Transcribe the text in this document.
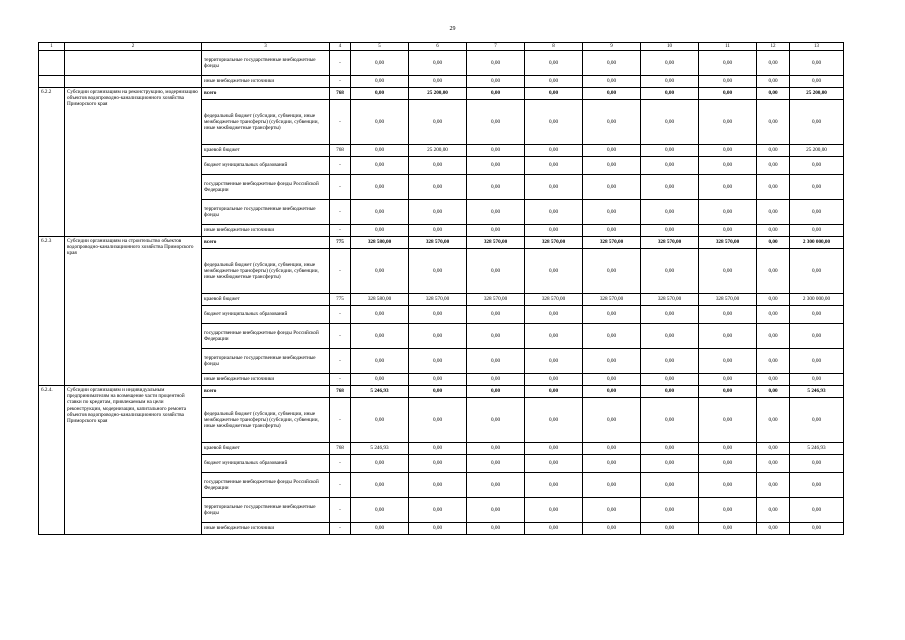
29
1	2	3	4	5	6	7	8	9	10	11	12	13
		территориальные государственные внебюджетные фонды	-	0,00	0,00	0,00	0,00	0,00	0,00	0,00	0,00	0,00
		иные внебюджетные источники	-	0,00	0,00	0,00	0,00	0,00	0,00	0,00	0,00	0,00
6.2.2	Субсидии организациям на реконструкцию, модернизацию объектов водопроводно-канализационного хозяйства Приморского края	всего	768	0,00	25 200,00	0,00	0,00	0,00	0,00	0,00	0,00	25 200,00
		федеральный бюджет (субсидии, субвенции, иные межбюджетные трансферты) (субсидии, субвенции, иные межбюджетные трансферты)	-	0,00	0,00	0,00	0,00	0,00	0,00	0,00	0,00	0,00
		краевой бюджет	768	0,00	25 200,00	0,00	0,00	0,00	0,00	0,00	0,00	25 200,00
		бюджет муниципальных образований	-	0,00	0,00	0,00	0,00	0,00	0,00	0,00	0,00	0,00
		государственные внебюджетные фонды Российской Федерации	-	0,00	0,00	0,00	0,00	0,00	0,00	0,00	0,00	0,00
		территориальные государственные внебюджетные фонды	-	0,00	0,00	0,00	0,00	0,00	0,00	0,00	0,00	0,00
		иные внебюджетные источники	-	0,00	0,00	0,00	0,00	0,00	0,00	0,00	0,00	0,00
6.2.3	Субсидии организациям на строительство объектов водопроводно-канализационного хозяйства Приморского края	всего	775	328 580,00	328 570,00	328 570,00	328 570,00	328 570,00	328 570,00	328 570,00	0,00	2 300 000,00
		федеральный бюджет (субсидии, субвенции, иные межбюджетные трансферты) (субсидии, субвенции, иные межбюджетные трансферты)	-	0,00	0,00	0,00	0,00	0,00	0,00	0,00	0,00	0,00
		краевой бюджет	775	328 580,00	328 570,00	328 570,00	328 570,00	328 570,00	328 570,00	328 570,00	0,00	2 300 000,00
		бюджет муниципальных образований	-	0,00	0,00	0,00	0,00	0,00	0,00	0,00	0,00	0,00
		государственные внебюджетные фонды Российской Федерации	-	0,00	0,00	0,00	0,00	0,00	0,00	0,00	0,00	0,00
		территориальные государственные внебюджетные фонды	-	0,00	0,00	0,00	0,00	0,00	0,00	0,00	0,00	0,00
		иные внебюджетные источники	-	0,00	0,00	0,00	0,00	0,00	0,00	0,00	0,00	0,00
6.2.4.	Субсидии организациям и индивидуальным предпринимателям на возмещение части процентной ставки по кредитам, привлекаемым на цели реконструкции, модернизации, капитального ремонта объектов водопроводно-канализационного хозяйства Приморского края	всего	768	5 246,93	0,00	0,00	0,00	0,00	0,00	0,00	0,00	5 246,93
		федеральный бюджет (субсидии, субвенции, иные межбюджетные трансферты) (субсидии, субвенции, иные межбюджетные трансферты)	-	0,00	0,00	0,00	0,00	0,00	0,00	0,00	0,00	0,00
		краевой бюджет	768	5 246,93	0,00	0,00	0,00	0,00	0,00	0,00	0,00	5 246,93
		бюджет муниципальных образований	-	0,00	0,00	0,00	0,00	0,00	0,00	0,00	0,00	0,00
		государственные внебюджетные фонды Российской Федерации	-	0,00	0,00	0,00	0,00	0,00	0,00	0,00	0,00	0,00
		территориальные государственные внебюджетные фонды	-	0,00	0,00	0,00	0,00	0,00	0,00	0,00	0,00	0,00
		иные внебюджетные источники	-	0,00	0,00	0,00	0,00	0,00	0,00	0,00	0,00	0,00
